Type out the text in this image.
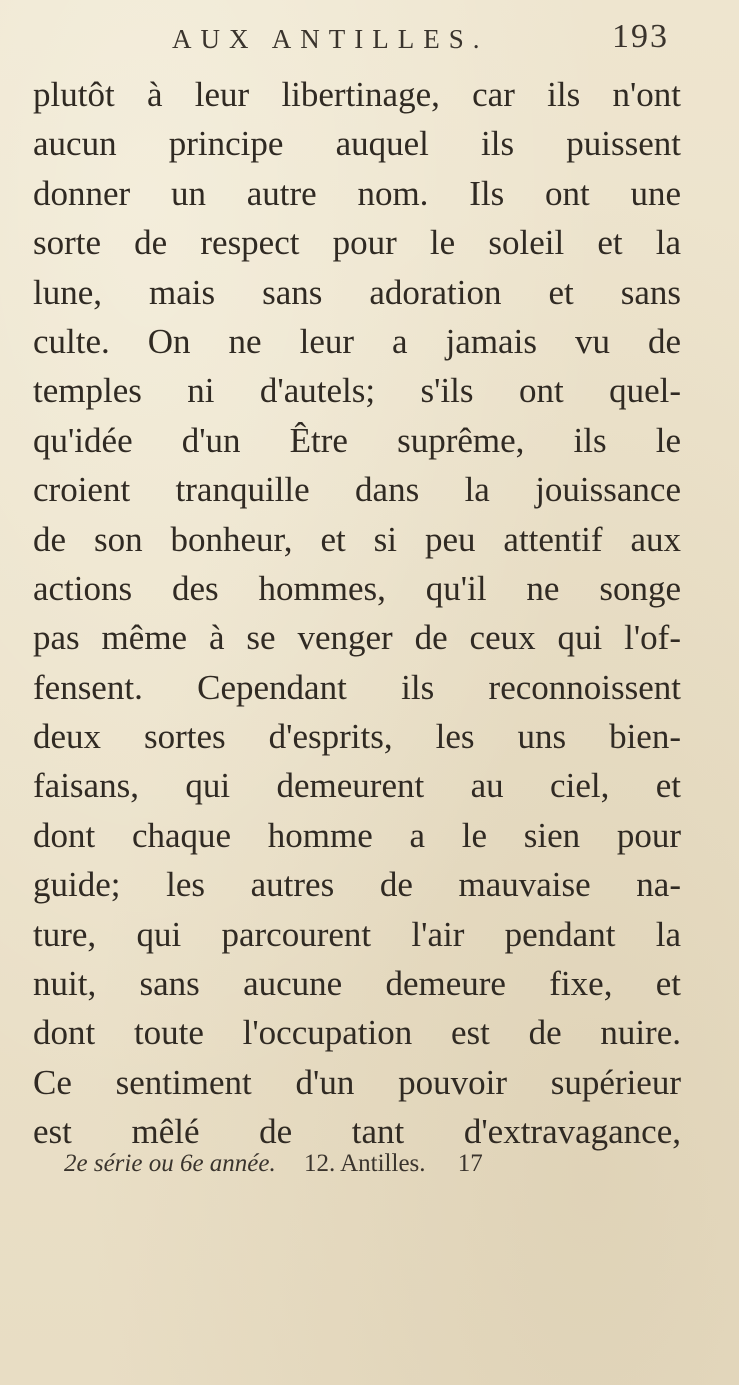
AUX ANTILLES.	193
plutôt à leur libertinage, car ils n'ont
aucun principe auquel ils puissent
donner un autre nom. Ils ont une
sorte de respect pour le soleil et la
lune, mais sans adoration et sans
culte. On ne leur a jamais vu de
temples ni d'autels; s'ils ont quel-
qu'idée d'un Être suprême, ils le
croient tranquille dans la jouissance
de son bonheur, et si peu attentif aux
actions des hommes, qu'il ne songe
pas même à se venger de ceux qui l'of-
fensent. Cependant ils reconnoissent
deux sortes d'esprits, les uns bien-
faisans, qui demeurent au ciel, et
dont chaque homme a le sien pour
guide; les autres de mauvaise na-
ture, qui parcourent l'air pendant la
nuit, sans aucune demeure fixe, et
dont toute l'occupation est de nuire.
Ce sentiment d'un pouvoir supérieur
est mêlé de tant d'extravagance,
2e série ou 6e année. 12. Antilles. 17
